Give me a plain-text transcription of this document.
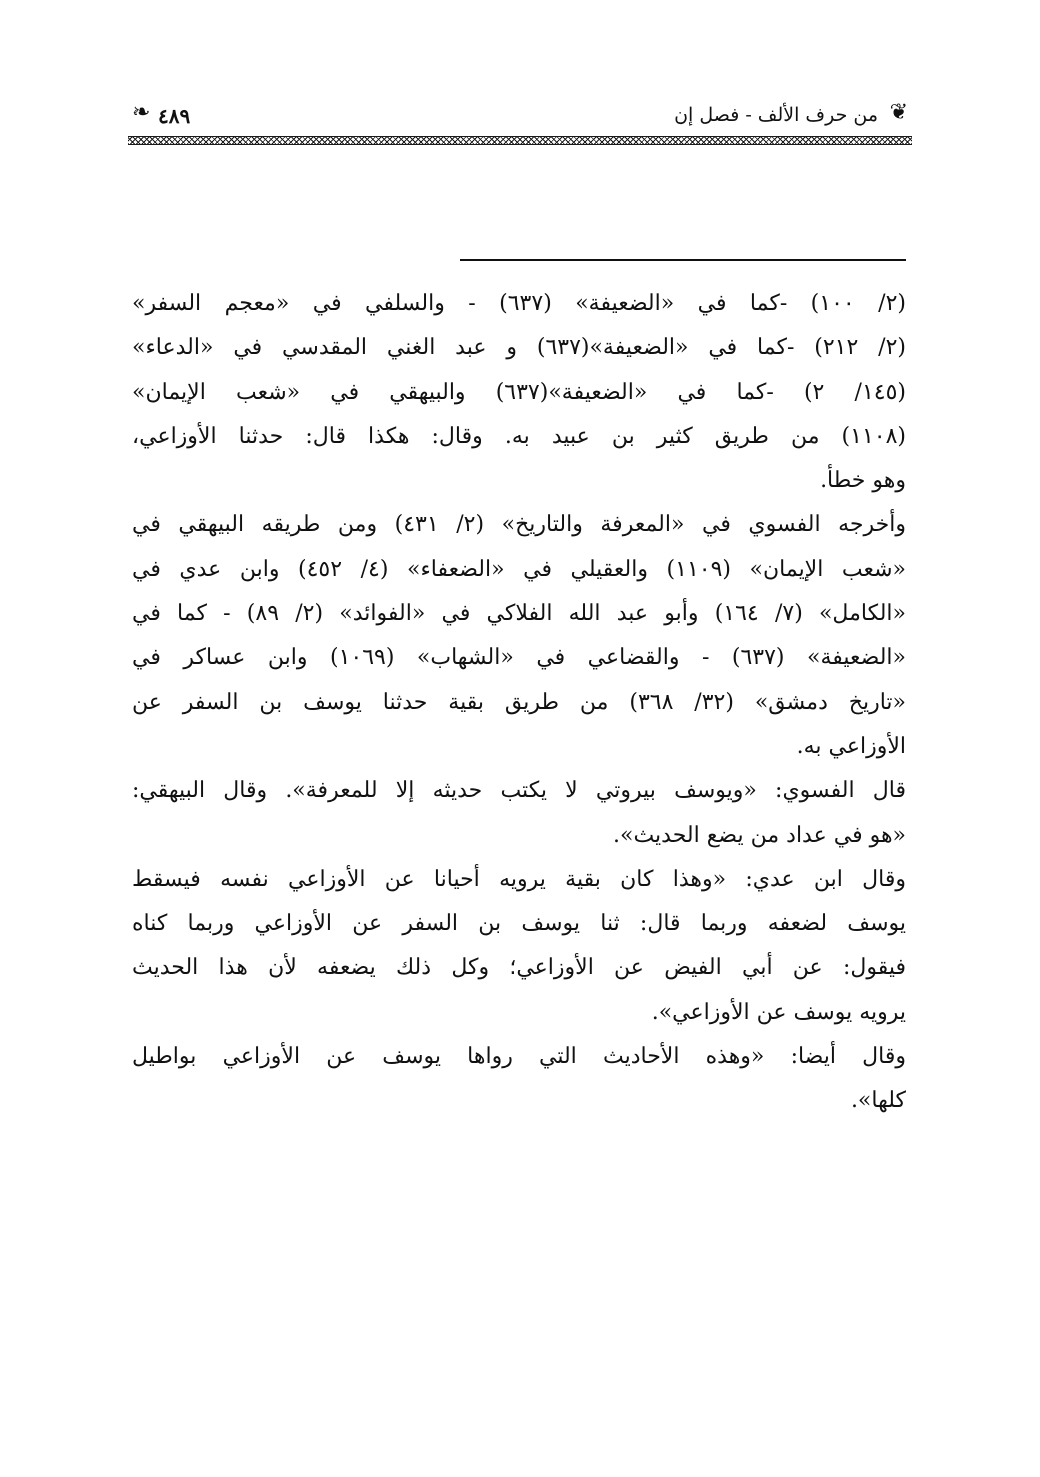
❦
من حرف الألف - فصل إن
٤٨٩
❧
(٢/ ١٠٠) -كما في «الضعيفة» (٦٣٧) - والسلفي في «معجم السفر»
(٢/ ٢١٢) -كما في «الضعيفة»(٦٣٧) و عبد الغني المقدسي في «الدعاء»
(١٤٥/ ٢) -كما في «الضعيفة»(٦٣٧) والبيهقي في «شعب الإيمان»
(١١٠٨) من طريق كثير بن عبيد به. وقال: هكذا قال: حدثنا الأوزاعي،
وهو خطأ.
وأخرجه الفسوي في «المعرفة والتاريخ» (٢/ ٤٣١) ومن طريقه البيهقي في
«شعب الإيمان» (١١٠٩) والعقيلي في «الضعفاء» (٤/ ٤٥٢) وابن عدي في
«الكامل» (٧/ ١٦٤) وأبو عبد الله الفلاكي في «الفوائد» (٢/ ٨٩) - كما في
«الضعيفة» (٦٣٧) - والقضاعي في «الشهاب» (١٠٦٩) وابن عساكر في
«تاريخ دمشق» (٣٢/ ٣٦٨) من طريق بقية حدثنا يوسف بن السفر عن
الأوزاعي به.
قال الفسوي: «ويوسف بيروتي لا يكتب حديثه إلا للمعرفة». وقال البيهقي:
«هو في عداد من يضع الحديث».
وقال ابن عدي: «وهذا كان بقية يرويه أحيانا عن الأوزاعي نفسه فيسقط
يوسف لضعفه وربما قال: ثنا يوسف بن السفر عن الأوزاعي وربما كناه
فيقول: عن أبي الفيض عن الأوزاعي؛ وكل ذلك يضعفه لأن هذا الحديث
يرويه يوسف عن الأوزاعي».
وقال أيضا: «وهذه الأحاديث التي رواها يوسف عن الأوزاعي بواطيل
كلها».
